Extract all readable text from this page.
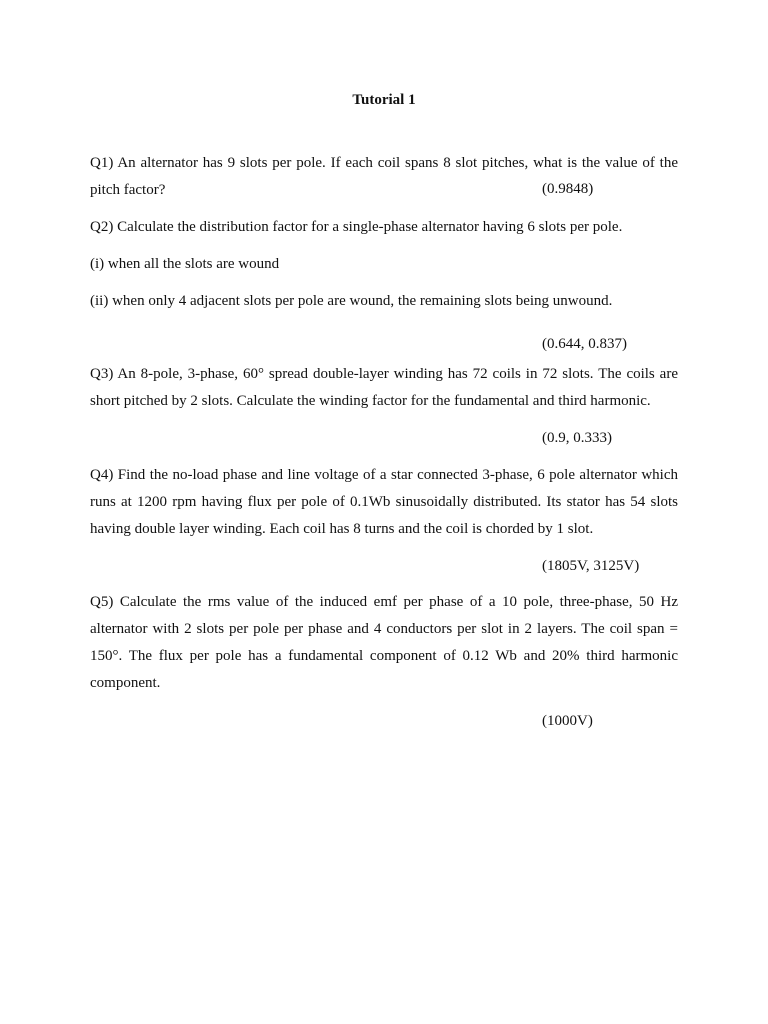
Tutorial 1
Q1) An alternator has 9 slots per pole. If each coil spans 8 slot pitches, what is the value of the pitch factor?	(0.9848)
Q2) Calculate the distribution factor for a single-phase alternator having 6 slots per pole.
(i) when all the slots are wound
(ii) when only 4 adjacent slots per pole are wound, the remaining slots being unwound.
(0.644, 0.837)
Q3) An 8-pole, 3-phase, 60° spread double-layer winding has 72 coils in 72 slots. The coils are short pitched by 2 slots. Calculate the winding factor for the fundamental and third harmonic.
(0.9, 0.333)
Q4) Find the no-load phase and line voltage of a star connected 3-phase, 6 pole alternator which runs at 1200 rpm having flux per pole of 0.1Wb sinusoidally distributed. Its stator has 54 slots having double layer winding. Each coil has 8 turns and the coil is chorded by 1 slot.
(1805V, 3125V)
Q5) Calculate the rms value of the induced emf per phase of a 10 pole, three-phase, 50 Hz alternator with 2 slots per pole per phase and 4 conductors per slot in 2 layers. The coil span = 150°. The flux per pole has a fundamental component of 0.12 Wb and 20% third harmonic component.
(1000V)
